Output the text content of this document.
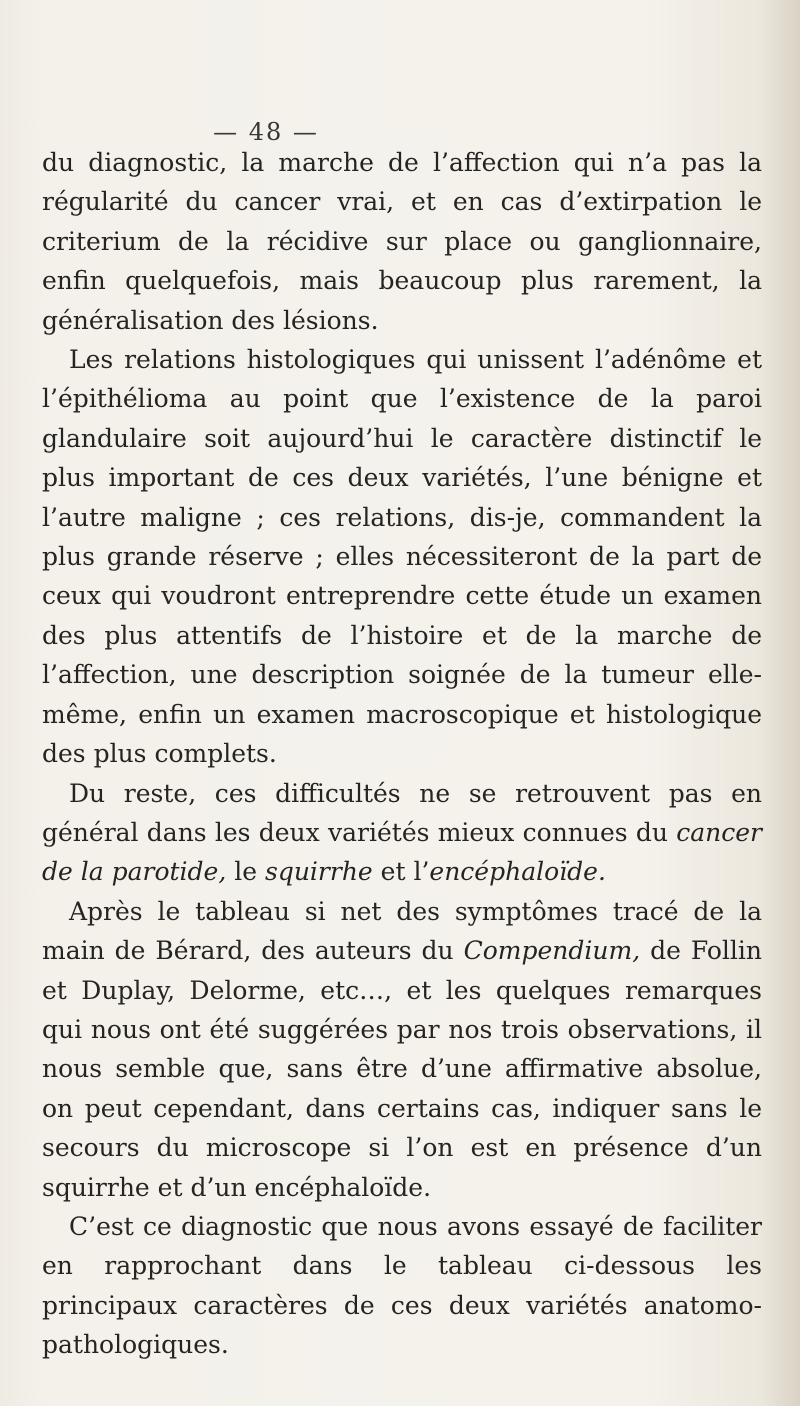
— 48 —

du diagnostic, la marche de l’affection qui n’a pas la régularité du cancer vrai, et en cas d’extirpation le criterium de la récidive sur place ou ganglionnaire, enfin quelquefois, mais beaucoup plus rarement, la généralisation des lésions.

Les relations histologiques qui unissent l’adénôme et l’épithélioma au point que l’existence de la paroi glandulaire soit aujourd’hui le caractère distinctif le plus important de ces deux variétés, l’une bénigne et l’autre maligne ; ces relations, dis-je, commandent la plus grande réserve ; elles nécessiteront de la part de ceux qui voudront entreprendre cette étude un examen des plus attentifs de l’histoire et de la marche de l’affection, une description soignée de la tumeur elle-même, enfin un examen macroscopique et histologique des plus complets.

Du reste, ces difficultés ne se retrouvent pas en général dans les deux variétés mieux connues du cancer de la parotide, le squirrhe et l’encéphaloïde.

Après le tableau si net des symptômes tracé de la main de Bérard, des auteurs du Compendium, de Follin et Duplay, Delorme, etc…, et les quelques remarques qui nous ont été suggérées par nos trois observations, il nous semble que, sans être d’une affirmative absolue, on peut cependant, dans certains cas, indiquer sans le secours du microscope si l’on est en présence d’un squirrhe et d’un encéphaloïde.

C’est ce diagnostic que nous avons essayé de faciliter en rapprochant dans le tableau ci-dessous les principaux caractères de ces deux variétés anatomo-pathologiques.
